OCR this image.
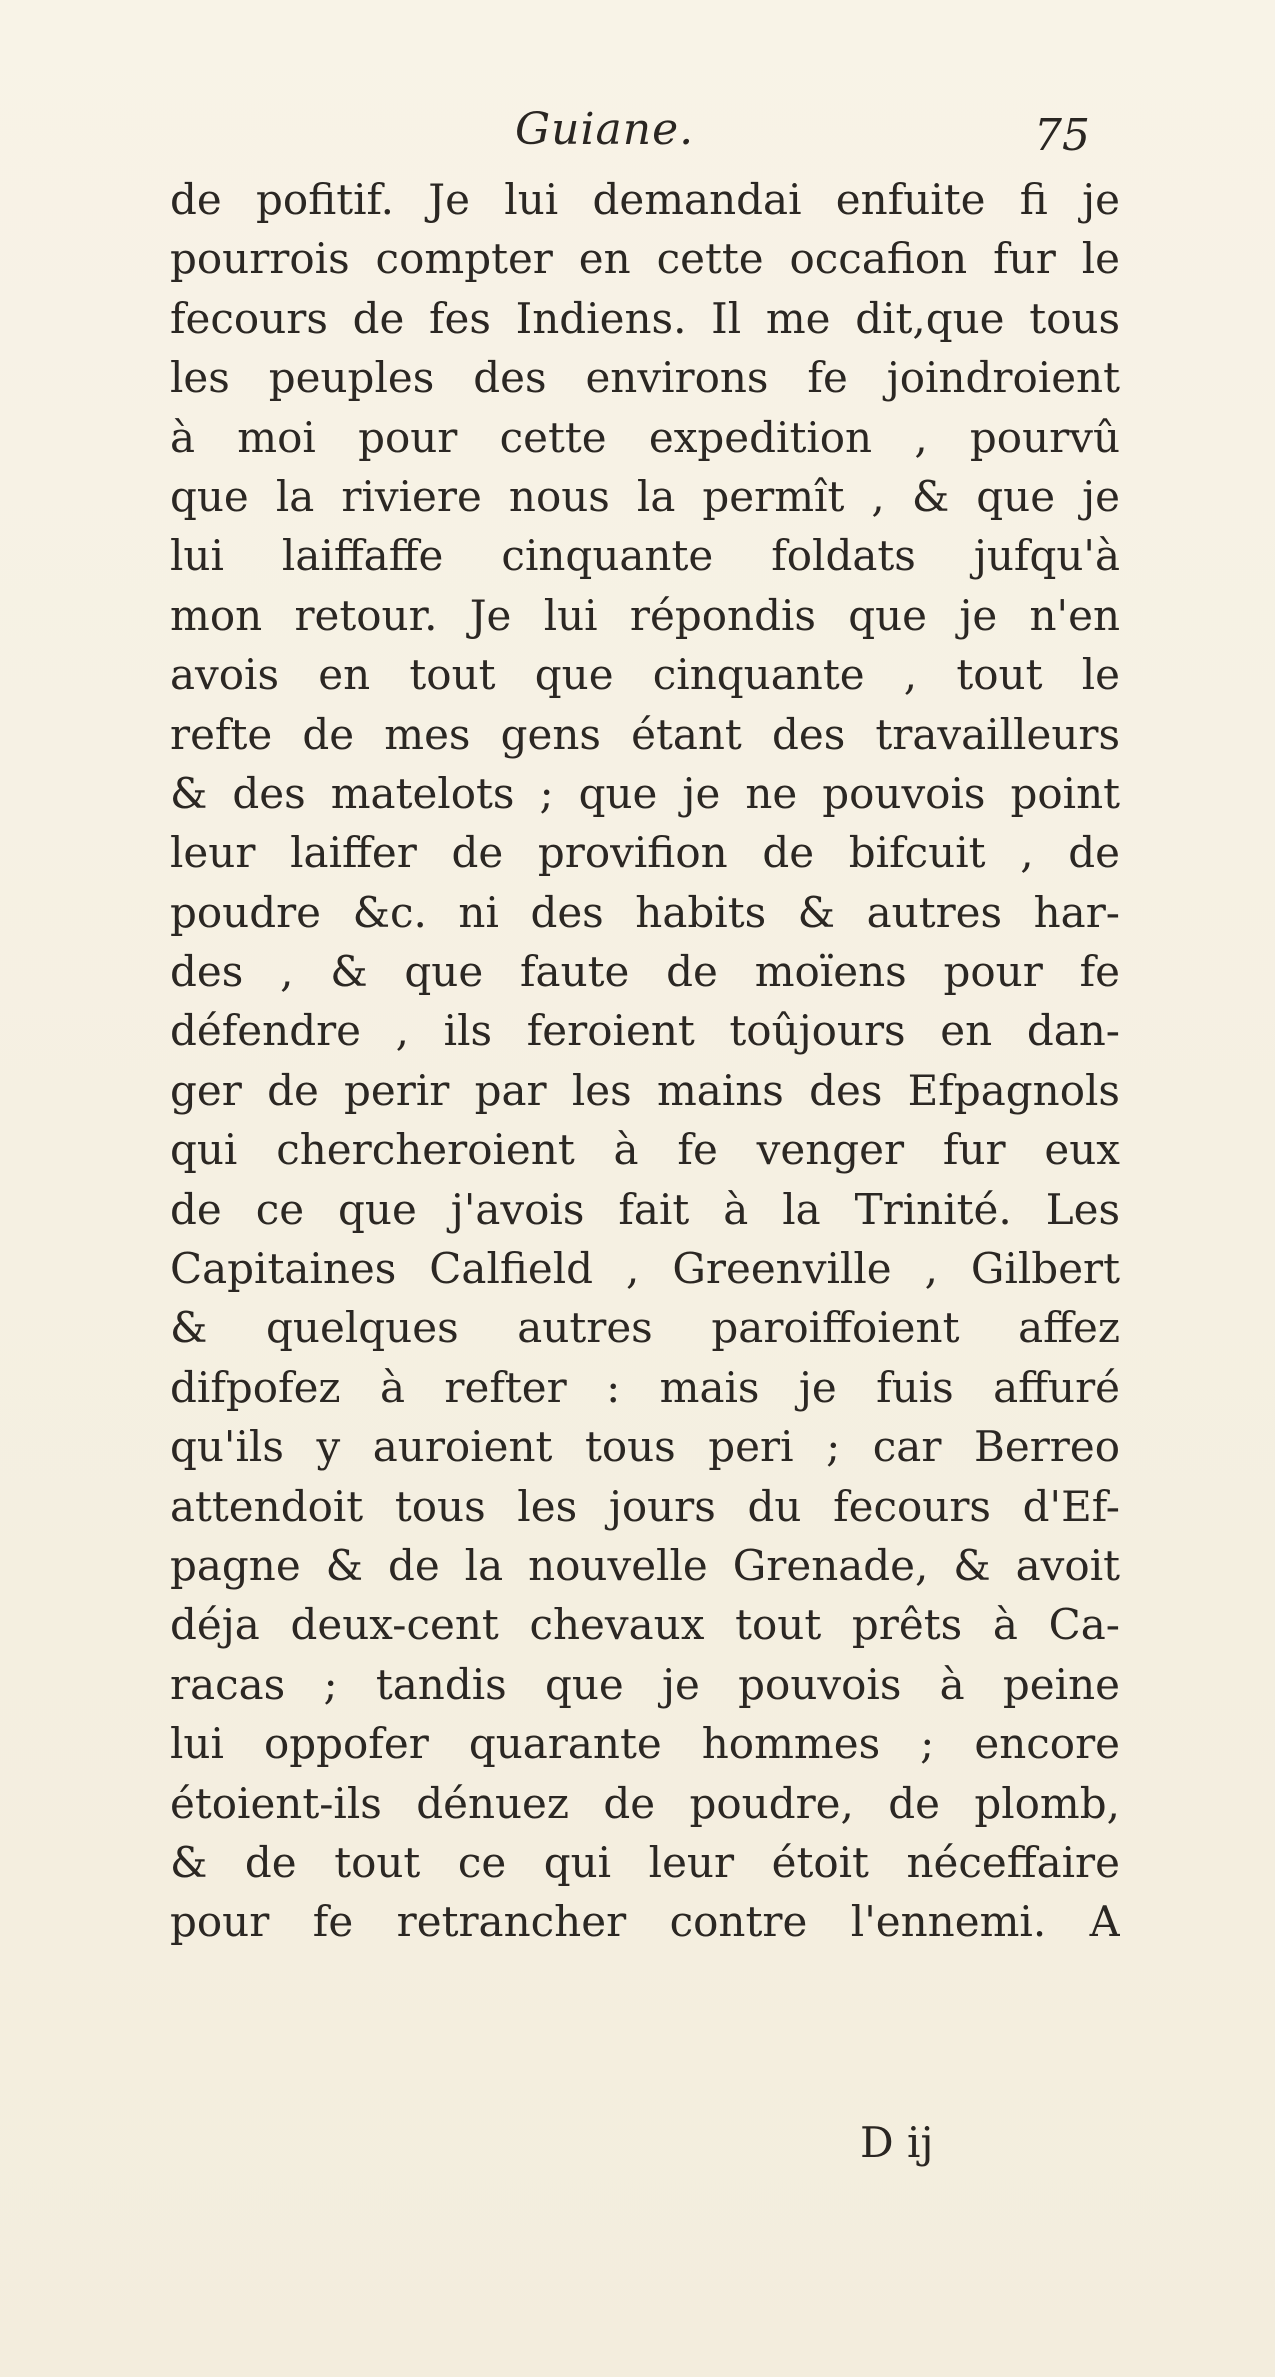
Guiane.	75
de pofitif. Je lui demandai enfuite fi je
pourrois compter en cette occafion fur le
fecours de fes Indiens. Il me dit,que tous
les peuples des environs fe joindroient
à moi pour cette expedition , pourvû
que la riviere nous la permît , & que je
lui laiffaffe cinquante foldats jufqu'à
mon retour. Je lui répondis que je n'en
avois en tout que cinquante , tout le
refte de mes gens étant des travailleurs
& des matelots ; que je ne pouvois point
leur laiffer de provifion de bifcuit , de
poudre &c. ni des habits & autres har-
des , & que faute de moïens pour fe
défendre , ils feroient toûjours en dan-
ger de perir par les mains des Efpagnols
qui chercheroient à fe venger fur eux
de ce que j'avois fait à la Trinité. Les
Capitaines Calfield , Greenville , Gilbert
& quelques autres paroiffoient affez
difpofez à refter : mais je fuis affuré
qu'ils y auroient tous peri ; car Berreo
attendoit tous les jours du fecours d'Ef-
pagne & de la nouvelle Grenade, & avoit
déja deux-cent chevaux tout prêts à Ca-
racas ; tandis que je pouvois à peine
lui oppofer quarante hommes ; encore
étoient-ils dénuez de poudre, de plomb,
& de tout ce qui leur étoit néceffaire
pour fe retrancher contre l'ennemi. A
D ij
